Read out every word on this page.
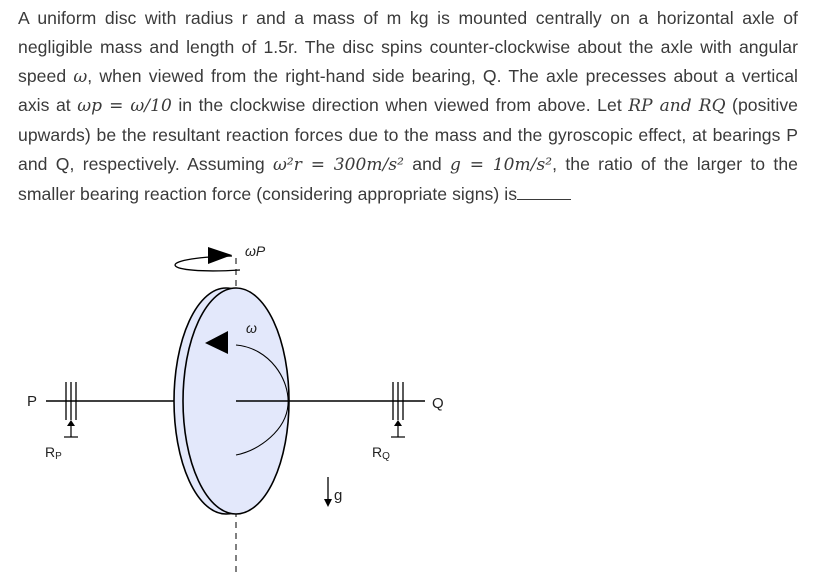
A uniform disc with radius r and a mass of m kg is mounted centrally on a horizontal axle of negligible mass and length of 1.5r. The disc spins counter-clockwise about the axle with angular speed ω, when viewed from the right-hand side bearing, Q. The axle precesses about a vertical axis at ωp = ω/10 in the clockwise direction when viewed from above. Let RP and RQ (positive upwards) be the resultant reaction forces due to the mass and the gyroscopic effect, at bearings P and Q, respectively. Assuming ω²r = 300m/s² and g = 10m/s², the ratio of the larger to the smaller bearing reaction force (considering appropriate signs) is
ωP
ω
P
RP
Q
RQ
g
